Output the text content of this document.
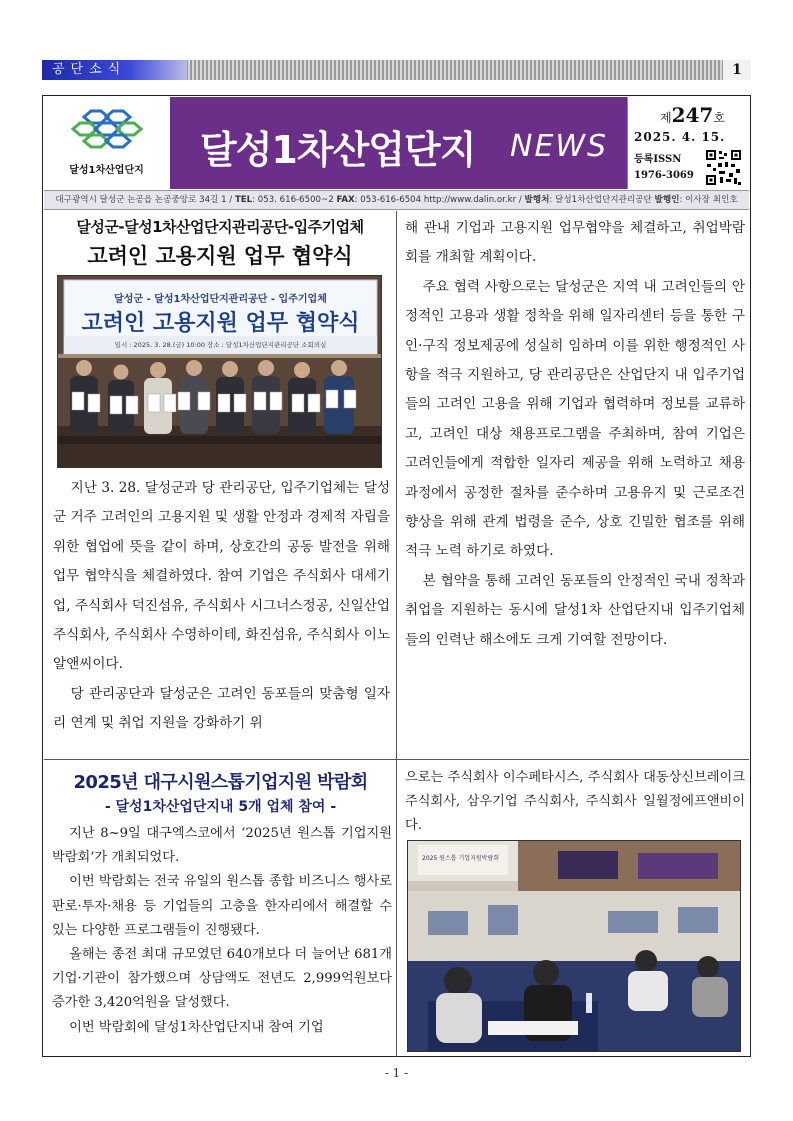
공단소식	1
달성1차산업단지	달성1차산업단지 NEWS
제247호
2025. 4. 15.
등록ISSN
1976-3069
대구광역시 달성군 논공읍 논공중앙로 34길 1 / TEL: 053. 616-6500~2 FAX: 053-616-6504 http://www.dalin.or.kr / 발행처: 달성1차산업단지관리공단 발행인: 이사장 최인호
달성군-달성1차산업단지관리공단-입주기업체
고려인 고용지원 업무 협약식
달성군 - 달성1차산업단지관리공단 - 입주기업체
고려인 고용지원 업무 협약식
일시 : 2025. 3. 28.(금) 10:00 장소 : 달성1차산업단지관리공단 소회의실

지난 3. 28. 달성군과 당 관리공단, 입주기업체는 달성군 거주 고려인의 고용지원 및 생활 안정과 경제적 자립을 위한 협업에 뜻을 같이 하며, 상호간의 공동 발전을 위해 업무 협약식을 체결하였다. 참여 기업은 주식회사 대세기업, 주식회사 덕진섬유, 주식회사 시그너스정공, 신일산업 주식회사, 주식회사 수영하이테, 화진섬유, 주식회사 이노알앤씨이다.

당 관리공단과 달성군은 고려인 동포들의 맞춤형 일자리 연계 및 취업 지원을 강화하기 위

해 관내 기업과 고용지원 업무협약을 체결하고, 취업박람회를 개최할 계획이다.

주요 협력 사항으로는 달성군은 지역 내 고려인들의 안정적인 고용과 생활 정착을 위해 일자리센터 등을 통한 구인·구직 정보제공에 성실히 임하며 이를 위한 행정적인 사항을 적극 지원하고, 당 관리공단은 산업단지 내 입주기업들의 고려인 고용을 위해 기업과 협력하며 정보를 교류하고, 고려인 대상 채용프로그램을 주최하며, 참여 기업은 고려인들에게 적합한 일자리 제공을 위해 노력하고 채용 과정에서 공정한 절차를 준수하며 고용유지 및 근로조건 향상을 위해 관계 법령을 준수, 상호 긴밀한 협조를 위해 적극 노력 하기로 하였다.

본 협약을 통해 고려인 동포들의 안정적인 국내 정착과 취업을 지원하는 동시에 달성1차 산업단지내 입주기업체들의 인력난 해소에도 크게 기여할 전망이다.

2025년 대구시원스톱기업지원 박람회
- 달성1차산업단지내 5개 업체 참여 -

지난 8~9일 대구엑스코에서 ‘2025년 원스톱 기업지원박람회’가 개최되었다.

이번 박람회는 전국 유일의 원스톱 종합 비즈니스 행사로 판로·투자·채용 등 기업들의 고충을 한자리에서 해결할 수 있는 다양한 프로그램들이 진행됐다.

올해는 종전 최대 규모였던 640개보다 더 늘어난 681개 기업·기관이 참가했으며 상담액도 전년도 2,999억원보다 증가한 3,420억원을 달성했다.

이번 박람회에 달성1차산업단지내 참여 기업

으로는 주식회사 이수페타시스, 주식회사 대동상신브레이크 주식회사, 삼우기업 주식회사, 주식회사 일월정에프앤비이다.

2025 원스톱 기업지원박람회
- 1 -
